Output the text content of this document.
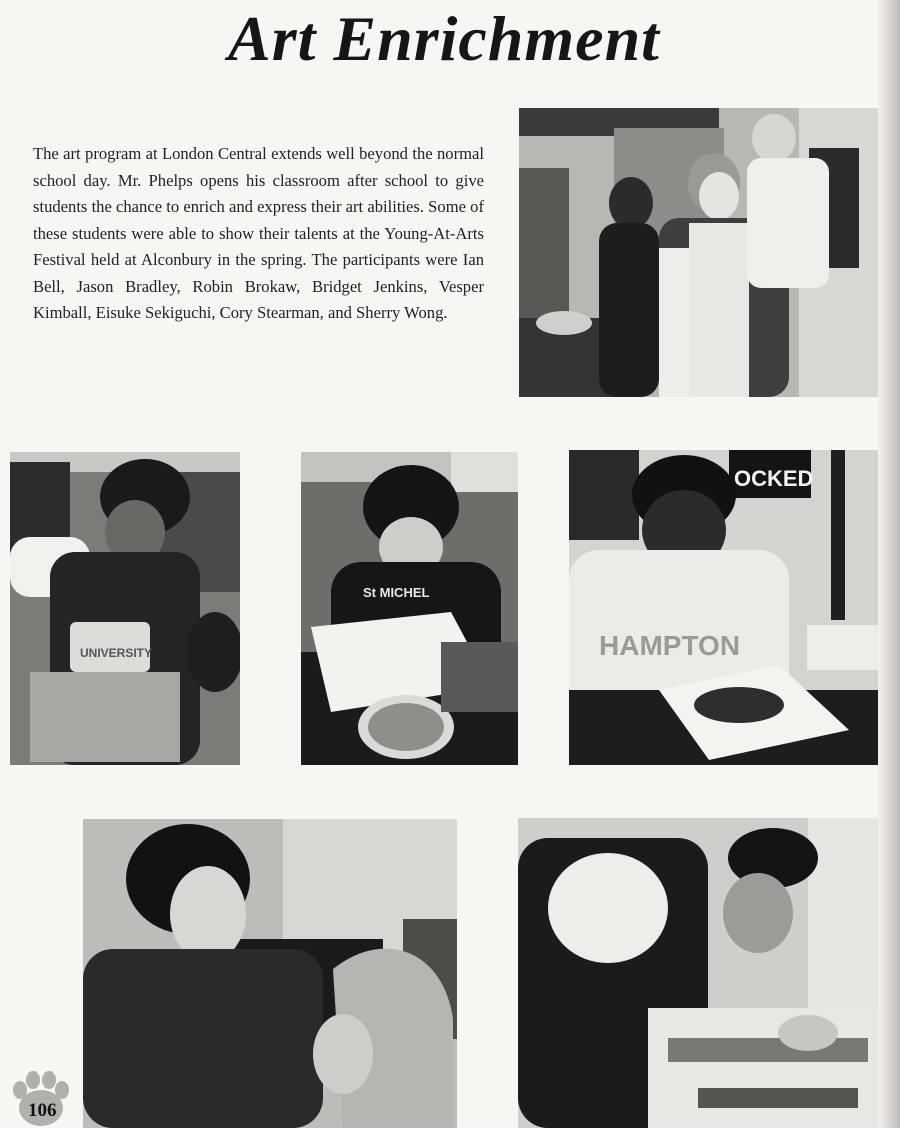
Art Enrichment
The art program at London Central extends well beyond the normal school day. Mr. Phelps opens his classroom after school to give students the chance to enrich and express their art abilities. Some of these students were able to show their talents at the Young-At-Arts Festival held at Alconbury in the spring. The participants were Ian Bell, Jason Bradley, Robin Brokaw, Bridget Jenkins, Vesper Kimball, Eisuke Sekiguchi, Cory Stearman, and Sherry Wong.
UNIVERSITY
St MICHEL
OCKED
HAMPTON
106
